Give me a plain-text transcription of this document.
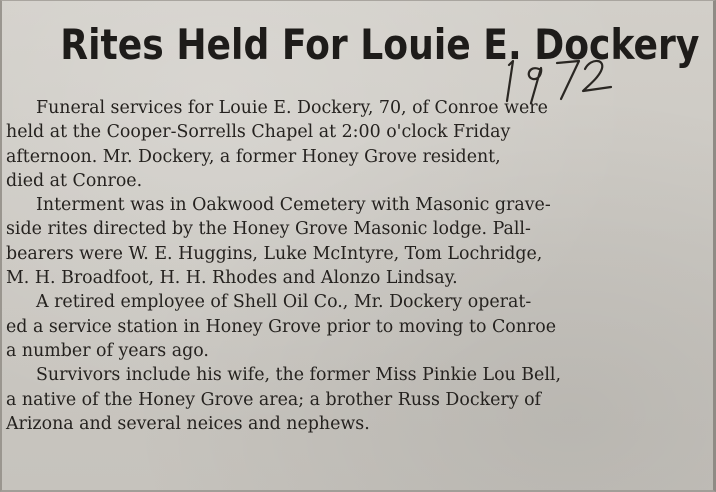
Rites Held For Louie E. Dockery
Funeral services for Louie E. Dockery, 70, of Conroe were
held at the Cooper-Sorrells Chapel at 2:00 o'clock Friday
afternoon. Mr. Dockery, a former Honey Grove resident,
died at Conroe.
Interment was in Oakwood Cemetery with Masonic grave-
side rites directed by the Honey Grove Masonic lodge. Pall-
bearers were W. E. Huggins, Luke McIntyre, Tom Lochridge,
M. H. Broadfoot, H. H. Rhodes and Alonzo Lindsay.
A retired employee of Shell Oil Co., Mr. Dockery operat-
ed a service station in Honey Grove prior to moving to Conroe
a number of years ago.
Survivors include his wife, the former Miss Pinkie Lou Bell,
a native of the Honey Grove area; a brother Russ Dockery of
Arizona and several neices and nephews.
